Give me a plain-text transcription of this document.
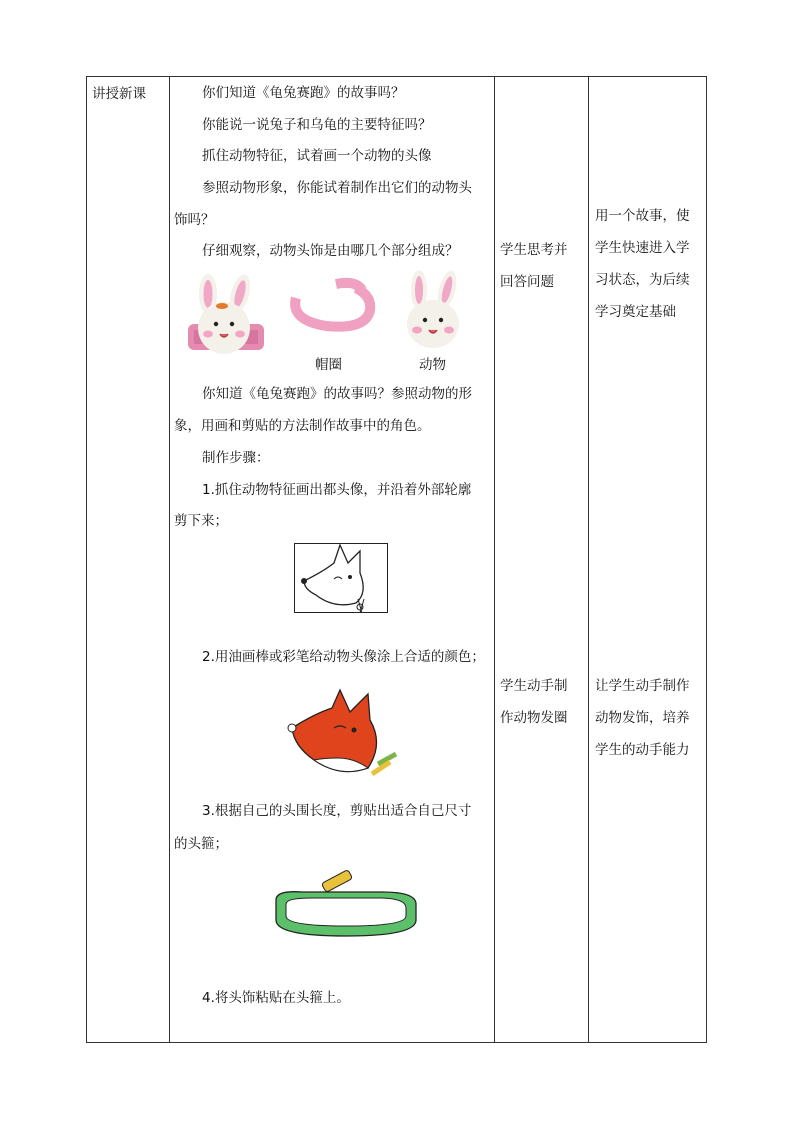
讲授新课	你们知道《龟兔赛跑》的故事吗？
你能说一说兔子和乌龟的主要特征吗？
抓住动物特征，试着画一个动物的头像
参照动物形象，你能试着制作出它们的动物头
饰吗？
仔细观察，动物头饰是由哪几个部分组成？
帽圈	动物
你知道《龟兔赛跑》的故事吗？参照动物的形
象，用画和剪贴的方法制作故事中的角色。
制作步骤：
1.抓住动物特征画出都头像，并沿着外部轮廓
剪下来；
2.用油画棒或彩笔给动物头像涂上合适的颜色；
3.根据自己的头围长度，剪贴出适合自己尺寸
的头箍；
4.将头饰粘贴在头箍上。
学生思考并
回答问题
学生动手制
作动物发圈
用一个故事，使
学生快速进入学
习状态，为后续
学习奠定基础
让学生动手制作
动物发饰，培养
学生的动手能力
